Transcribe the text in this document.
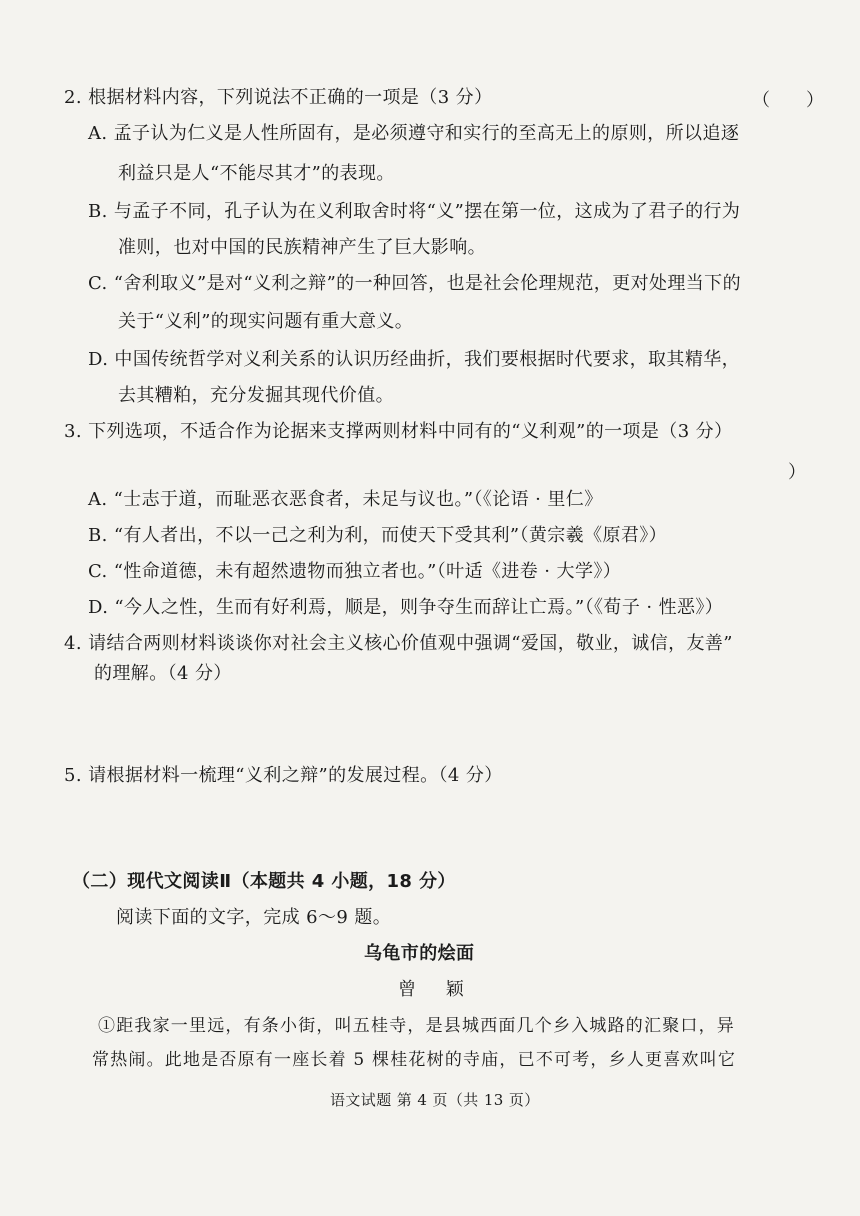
2. 根据材料内容，下列说法不正确的一项是（3 分）	（　　）
A. 孟子认为仁义是人性所固有，是必须遵守和实行的至高无上的原则，所以追逐
利益只是人“不能尽其才”的表现。
B. 与孟子不同，孔子认为在义利取舍时将“义”摆在第一位，这成为了君子的行为
准则，也对中国的民族精神产生了巨大影响。
C. “舍利取义”是对“义利之辩”的一种回答，也是社会伦理规范，更对处理当下的
关于“义利”的现实问题有重大意义。
D. 中国传统哲学对义利关系的认识历经曲折，我们要根据时代要求，取其精华，
去其糟粕，充分发掘其现代价值。
3. 下列选项，不适合作为论据来支撑两则材料中同有的“义利观”的一项是（3 分）
）
A. “士志于道，而耻恶衣恶食者，未足与议也。”（《论语 · 里仁》
B. “有人者出，不以一己之利为利，而使天下受其利”（黄宗羲《原君》）
C. “性命道德，未有超然遗物而独立者也。”（叶适《进卷 · 大学》）
D. “今人之性，生而有好利焉，顺是，则争夺生而辞让亡焉。”（《荀子 · 性恶》）
4. 请结合两则材料谈谈你对社会主义核心价值观中强调“爱国，敬业，诚信，友善”
的理解。（4 分）
5. 请根据材料一梳理“义利之辩”的发展过程。（4 分）
（二）现代文阅读Ⅱ（本题共 4 小题，18 分）
阅读下面的文字，完成 6～9 题。
乌龟市的烩面
曾 颖
①距我家一里远，有条小街，叫五桂寺，是县城西面几个乡入城路的汇聚口，异
常热闹。此地是否原有一座长着 5 棵桂花树的寺庙，已不可考，乡人更喜欢叫它
语文试题 第 4 页（共 13 页）
